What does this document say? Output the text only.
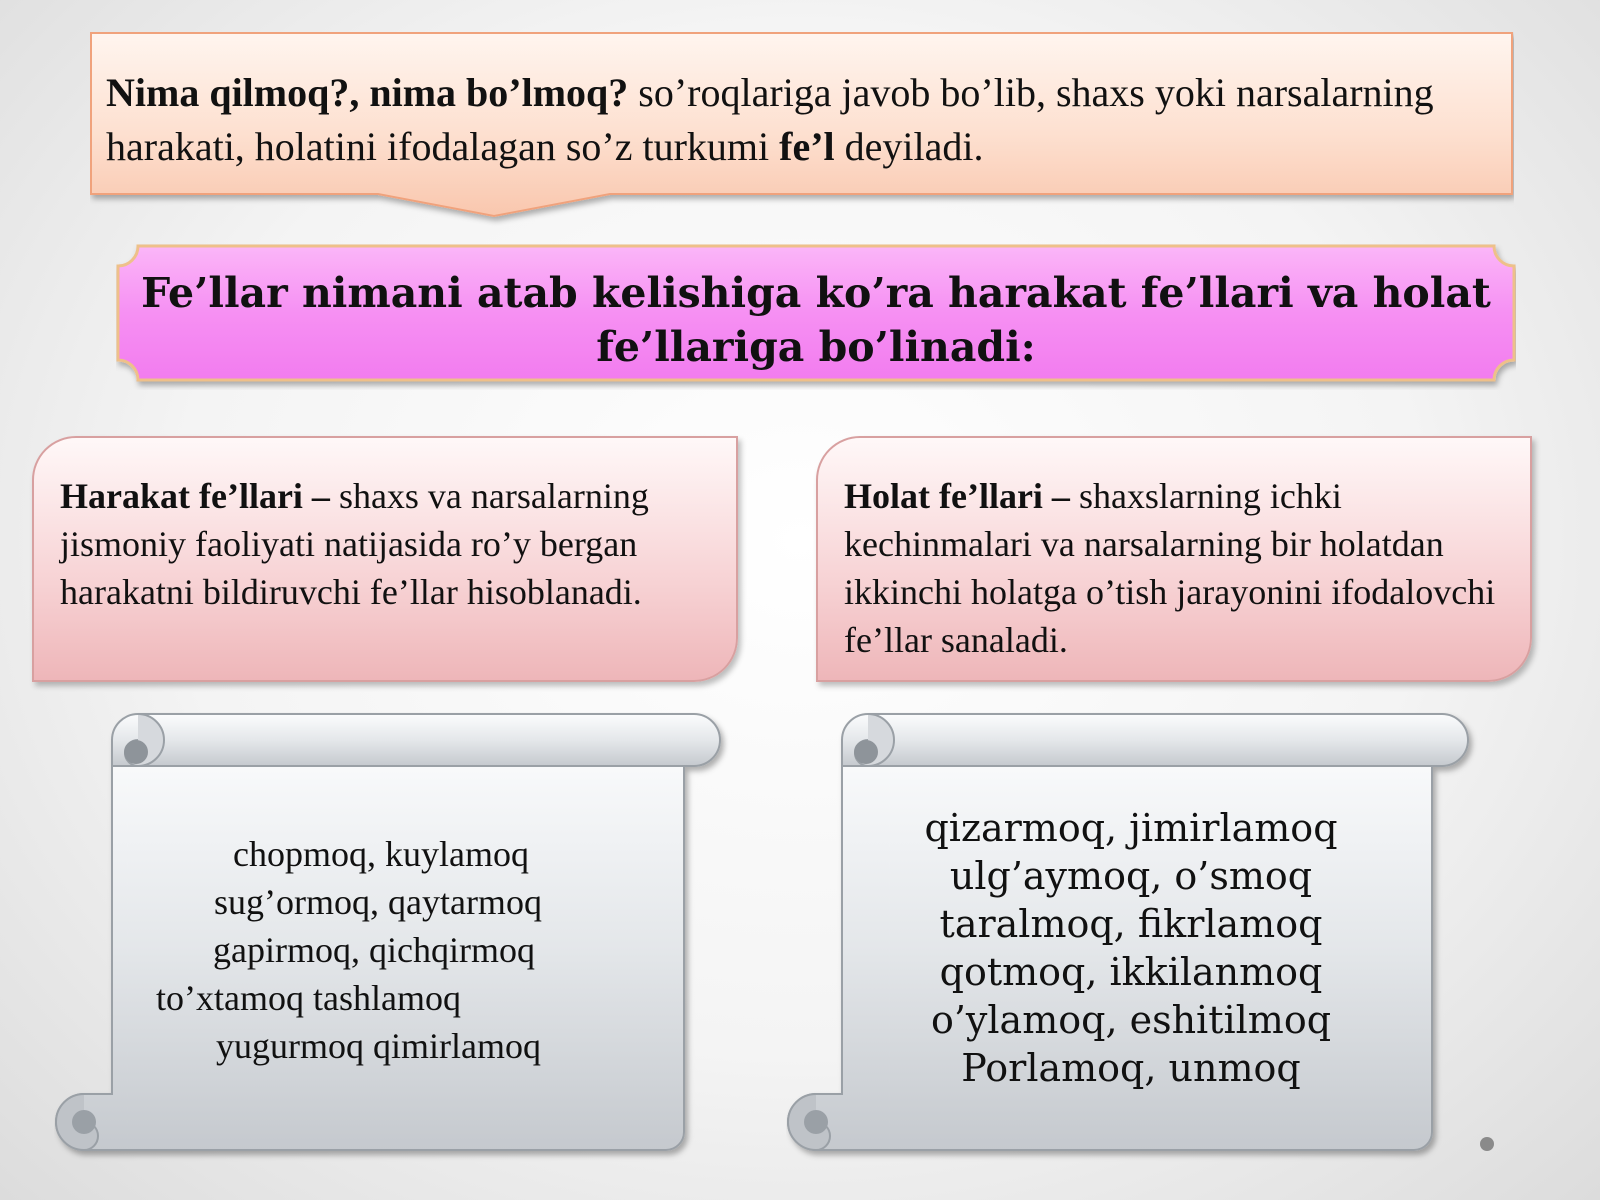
Nima qilmoq?, nima bo’lmoq? so’roqlariga javob bo’lib, shaxs yoki narsalarning harakati, holatini ifodalagan so’z turkumi fe’l deyiladi.
Fe’llar nimani atab kelishiga ko’ra harakat fe’llari va holat fe’llariga bo’linadi:
Harakat fe’llari – shaxs va narsalarning jismoniy faoliyati natijasida ro’y bergan harakatni bildiruvchi fe’llar hisoblanadi.
Holat fe’llari – shaxslarning ichki kechinmalari va narsalarning bir holatdan ikkinchi holatga o’tish jarayonini ifodalovchi fe’llar sanaladi.
chopmoq, kuylamoq
sug’ormoq, qaytarmoq
gapirmoq, qichqirmoq
to’xtamoq tashlamoq
yugurmoq qimirlamoq
qizarmoq, jimirlamoq
ulg’aymoq, o’smoq
taralmoq, fikrlamoq
qotmoq, ikkilanmoq
o’ylamoq, eshitilmoq
Porlamoq, unmoq
